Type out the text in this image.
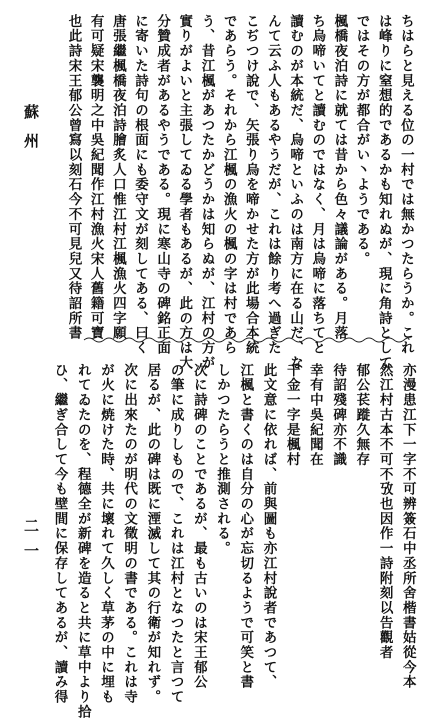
蘇州
二一
ちはらと見える位の一村では無かつたらうか。これ
は峰りに窒想的であるかも知れぬが、現に角詩として
ではその方が都合がい丶ようである。
楓橋夜泊詩に就ては昔から色々議論がある。月落
ち烏啼いてと讀むのではなく、月は烏啼に落ちてと
讀むのが本統だ、烏啼といふのは南方に在る山だ、な
んて云ふ人もあるやうだが、これは餘り考へ過ぎた
こぢつけ說で、矢張り烏を啼かせた方が此場合本統
であらう。それから江楓の漁火の楓の字は村であら
う、昔江楓があつたかどうかは知らぬが、江村の方が
實りがよいと主張してゐる學者もあるが、此の方は大
分贊成者があるやうである。現に寒山寺の碑銘正面
に寄いた詩句の根面にも委守文が刻してある、曰く
唐張繼楓橋夜泊詩膾炙人口惟江村江楓漁火四字願
有可疑宋襲明之中吳紀聞作江村漁火宋人舊籍可寶
也此詩宋王郁公曾寫以刻石今不可見兒又待詔所書
亦漫患江下一字不可辨簽石中丞所舍楷書姑從今本
然江村古本不可不攷也因作一詩附刻以告觀者
郁公苌蹝久無存
待詔殘碑亦不識
幸有中吳紀聞在
千金一字是楓村
此文意に依れば、前與圖も亦江村說者であつて、
江楓と書くのは自分の心が忘切るようで可笑と書
しかつたらうと推測される。
次に詩碑のことであるが、最も古いのは宋王郁公
の筆に成りしもので、これは江村となつたと言つて
居るが、此の碑は既に湮滅して其の行衛が知れず。
次に出來たのが明代の文徵明の書である。これは寺
が火に焼けた時、共に壞れて久しく草茅の中に埋も
れてゐたのを、程德全が新碑を造ると共に草中より拾
ひ、繼ぎ合して今も壁間に保存してあるが、讀み得
